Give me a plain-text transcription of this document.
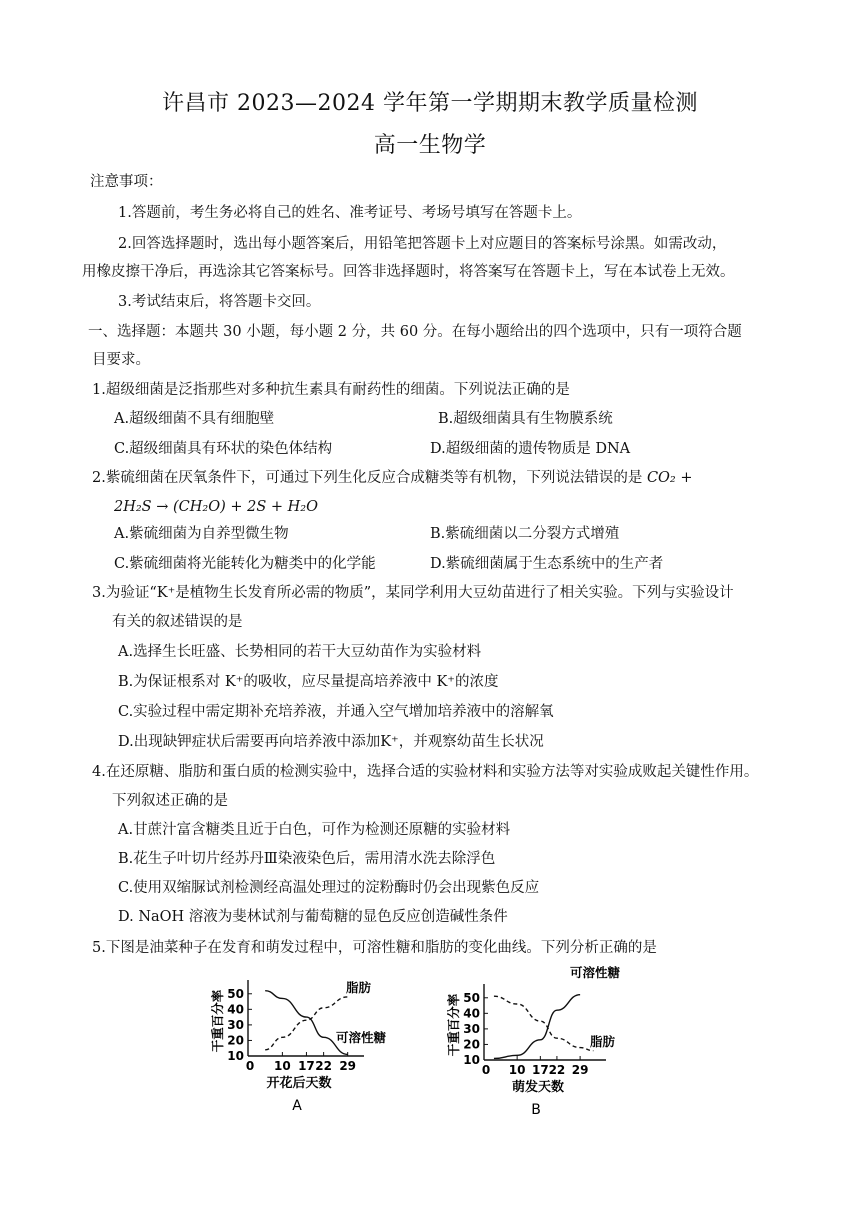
许昌市 2023—2024 学年第一学期期末教学质量检测
高一生物学
注意事项：
1.答题前，考生务必将自己的姓名、准考证号、考场号填写在答题卡上。
2.回答选择题时，选出每小题答案后，用铅笔把答题卡上对应题目的答案标号涂黑。如需改动，
用橡皮擦干净后，再选涂其它答案标号。回答非选择题时，将答案写在答题卡上，写在本试卷上无效。
3.考试结束后，将答题卡交回。
一、选择题：本题共 30 小题，每小题 2 分，共 60 分。在每小题给出的四个选项中，只有一项符合题
目要求。
1.超级细菌是泛指那些对多种抗生素具有耐药性的细菌。下列说法正确的是
A.超级细菌不具有细胞壁	B.超级细菌具有生物膜系统
C.超级细菌具有环状的染色体结构	D.超级细菌的遗传物质是 DNA
2.紫硫细菌在厌氧条件下，可通过下列生化反应合成糖类等有机物，下列说法错误的是 CO₂ +
2H₂S → (CH₂O) + 2S + H₂O
A.紫硫细菌为自养型微生物	B.紫硫细菌以二分裂方式增殖
C.紫硫细菌将光能转化为糖类中的化学能	D.紫硫细菌属于生态系统中的生产者
3.为验证“K⁺是植物生长发育所必需的物质”，某同学利用大豆幼苗进行了相关实验。下列与实验设计
有关的叙述错误的是
A.选择生长旺盛、长势相同的若干大豆幼苗作为实验材料
B.为保证根系对 K⁺的吸收，应尽量提高培养液中 K⁺的浓度
C.实验过程中需定期补充培养液，并通入空气增加培养液中的溶解氧
D.出现缺钾症状后需要再向培养液中添加K⁺，并观察幼苗生长状况
4.在还原糖、脂肪和蛋白质的检测实验中，选择合适的实验材料和实验方法等对实验成败起关键性作用。
下列叙述正确的是
A.甘蔗汁富含糖类且近于白色，可作为检测还原糖的实验材料
B.花生子叶切片经苏丹Ⅲ染液染色后，需用清水洗去除浮色
C.使用双缩脲试剂检测经高温处理过的淀粉酶时仍会出现紫色反应
D. NaOH 溶液为斐林试剂与葡萄糖的显色反应创造碱性条件
5.下图是油菜种子在发育和萌发过程中，可溶性糖和脂肪的变化曲线。下列分析正确的是
10
20
30
40
50
0 10 17 22 29
干重百分率
开花后天数
A
脂肪
可溶性糖
10
20
30
40
50
0 10 17 22 29
干重百分率
萌发天数
B
可溶性糖
脂肪
